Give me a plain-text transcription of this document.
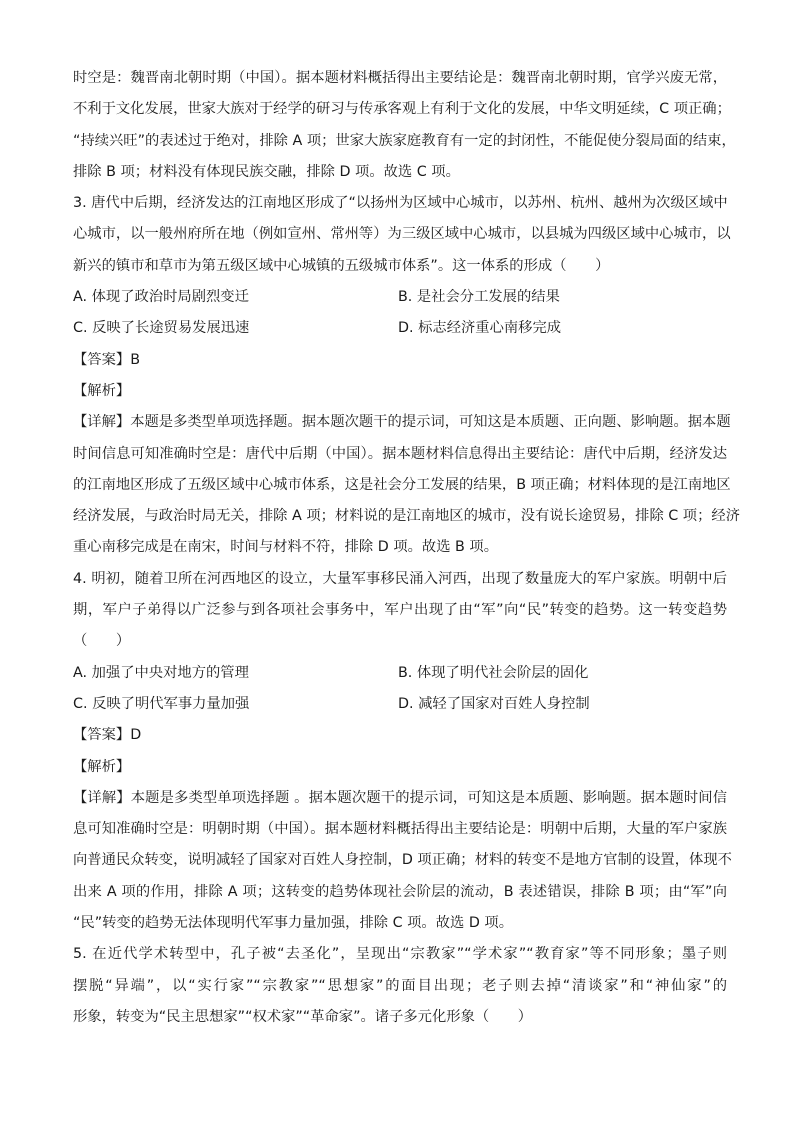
时空是：魏晋南北朝时期（中国）。据本题材料概括得出主要结论是：魏晋南北朝时期，官学兴废无常，
不利于文化发展，世家大族对于经学的研习与传承客观上有利于文化的发展，中华文明延续，C 项正确；
“持续兴旺”的表述过于绝对，排除 A 项；世家大族家庭教育有一定的封闭性，不能促使分裂局面的结束，
排除 B 项；材料没有体现民族交融，排除 D 项。故选 C 项。
3. 唐代中后期，经济发达的江南地区形成了“以扬州为区域中心城市，以苏州、杭州、越州为次级区域中
心城市，以一般州府所在地（例如宣州、常州等）为三级区域中心城市，以县城为四级区域中心城市，以
新兴的镇市和草市为第五级区域中心城镇的五级城市体系”。这一体系的形成（　　）
A. 体现了政治时局剧烈变迁	B. 是社会分工发展的结果
C. 反映了长途贸易发展迅速	D. 标志经济重心南移完成
【答案】B
【解析】
【详解】本题是多类型单项选择题。据本题次题干的提示词，可知这是本质题、正向题、影响题。据本题
时间信息可知准确时空是：唐代中后期（中国）。据本题材料信息得出主要结论：唐代中后期，经济发达
的江南地区形成了五级区域中心城市体系，这是社会分工发展的结果，B 项正确；材料体现的是江南地区
经济发展，与政治时局无关，排除 A 项；材料说的是江南地区的城市，没有说长途贸易，排除 C 项；经济
重心南移完成是在南宋，时间与材料不符，排除 D 项。故选 B 项。
4. 明初，随着卫所在河西地区的设立，大量军事移民涌入河西，出现了数量庞大的军户家族。明朝中后
期，军户子弟得以广泛参与到各项社会事务中，军户出现了由“军”向“民”转变的趋势。这一转变趋势
（　　）
A. 加强了中央对地方的管理	B. 体现了明代社会阶层的固化
C. 反映了明代军事力量加强	D. 减轻了国家对百姓人身控制
【答案】D
【解析】
【详解】本题是多类型单项选择题 。据本题次题干的提示词，可知这是本质题、影响题。据本题时间信
息可知准确时空是：明朝时期（中国）。据本题材料概括得出主要结论是：明朝中后期，大量的军户家族
向普通民众转变，说明减轻了国家对百姓人身控制，D 项正确；材料的转变不是地方官制的设置，体现不
出来 A 项的作用，排除 A 项；这转变的趋势体现社会阶层的流动，B 表述错误，排除 B 项；由“军”向
“民”转变的趋势无法体现明代军事力量加强，排除 C 项。故选 D 项。
5. 在近代学术转型中，孔子被“去圣化”，呈现出“宗教家”“学术家”“教育家”等不同形象；墨子则
摆脱“异端”，以“实行家”“宗教家”“思想家”的面目出现；老子则去掉“清谈家”和“神仙家”的
形象，转变为“民主思想家”“权术家”“革命家”。诸子多元化形象（　　）
